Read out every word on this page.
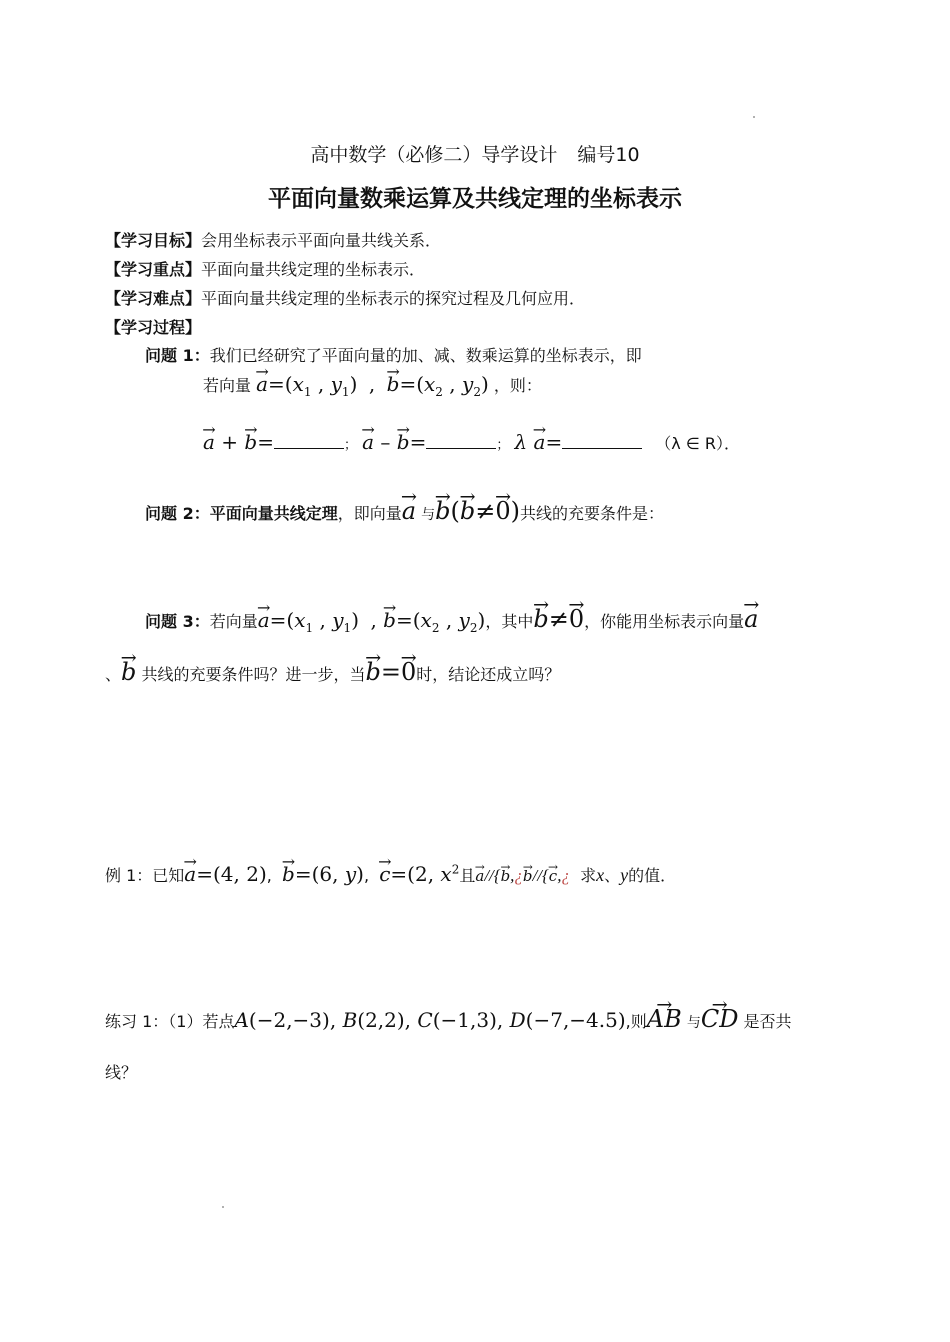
高中数学（必修二）导学设计 编号10
平面向量数乘运算及共线定理的坐标表示
【学习目标】会用坐标表示平面向量共线关系．
【学习重点】平面向量共线定理的坐标表示．
【学习难点】平面向量共线定理的坐标表示的探究过程及几何应用．
【学习过程】
问题 1：我们已经研究了平面向量的加、减、数乘运算的坐标表示，即
若向量 → $a=(x_1$ , $y_1$)  ,  → $b=(x_2$ , $y_2$) ，则：
→ a + → b=	； → a – → b=	； λ → a=	（λ ∈ R）．
问题 2：平面向量共线定理，即向量→ a 与→ b(→ b≠→ 0)共线的充要条件是：
问题 3：若向量→ $a=(x_1$ , $y_1$)  , → $b=(x_2$ , $y_2$)，其中→ b≠→ 0，你能用坐标表示向量→ a
、→ b 共线的充要条件吗？进一步，当→ b=→ 0时，结论还成立吗？
例 1：已知→ a=(4, 2),  → b=(6, y),  → c=(2, $x^2$且→ a//{→ b,¿→ b//{→ c,¿ 求x、y的值．
练习 1：（1）若点A(−2,−3), B(2,2), C(−1,3), D(−7,−4.5),则→ AB 与→ CD 是否共
线？
